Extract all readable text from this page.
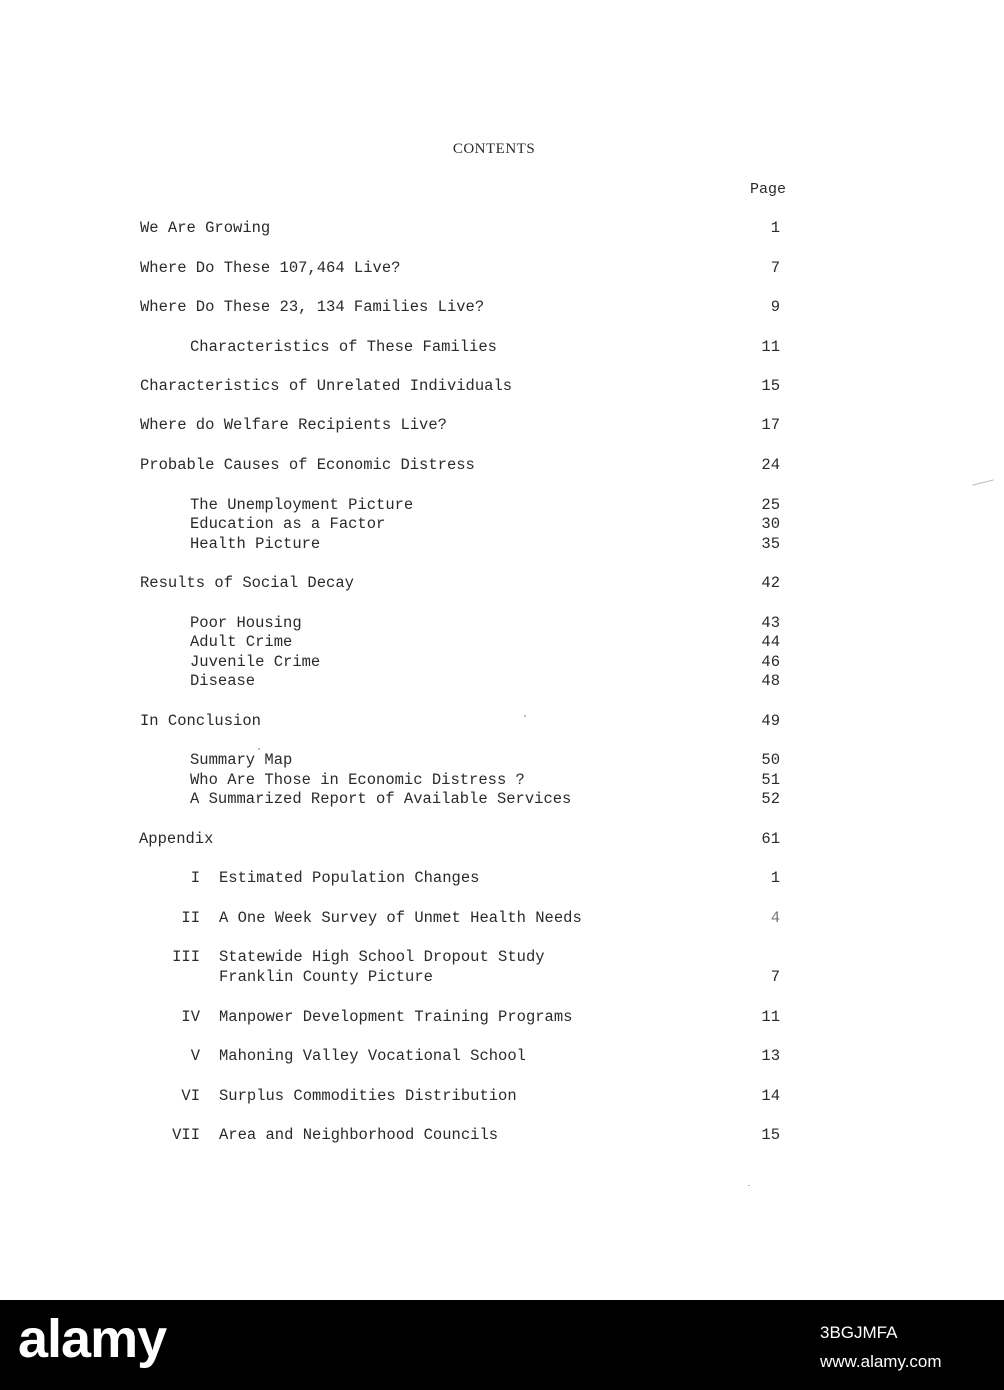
CONTENTS
Page
We Are Growing	1
Where Do These 107,464 Live?	7
Where Do These 23, 134 Families Live?	9
Characteristics of These Families	11
Characteristics of Unrelated Individuals	15
Where do Welfare Recipients Live?	17
Probable Causes of Economic Distress	24
The Unemployment Picture	25
Education as a Factor	30
Health Picture	35
Results of Social Decay	42
Poor Housing	43
Adult Crime	44
Juvenile Crime	46
Disease	48
In Conclusion	49
Summary Map	50
Who Are Those in Economic Distress ?	51
A Summarized Report of Available Services	52
Appendix	61
I Estimated Population Changes	1
II A One Week Survey of Unmet Health Needs	4
III Statewide High School Dropout Study
Franklin County Picture	7
IV Manpower Development Training Programs	11
V Mahoning Valley Vocational School	13
VI Surplus Commodities Distribution	14
VII Area and Neighborhood Councils	15
alamy	3BGJMFA
www.alamy.com
